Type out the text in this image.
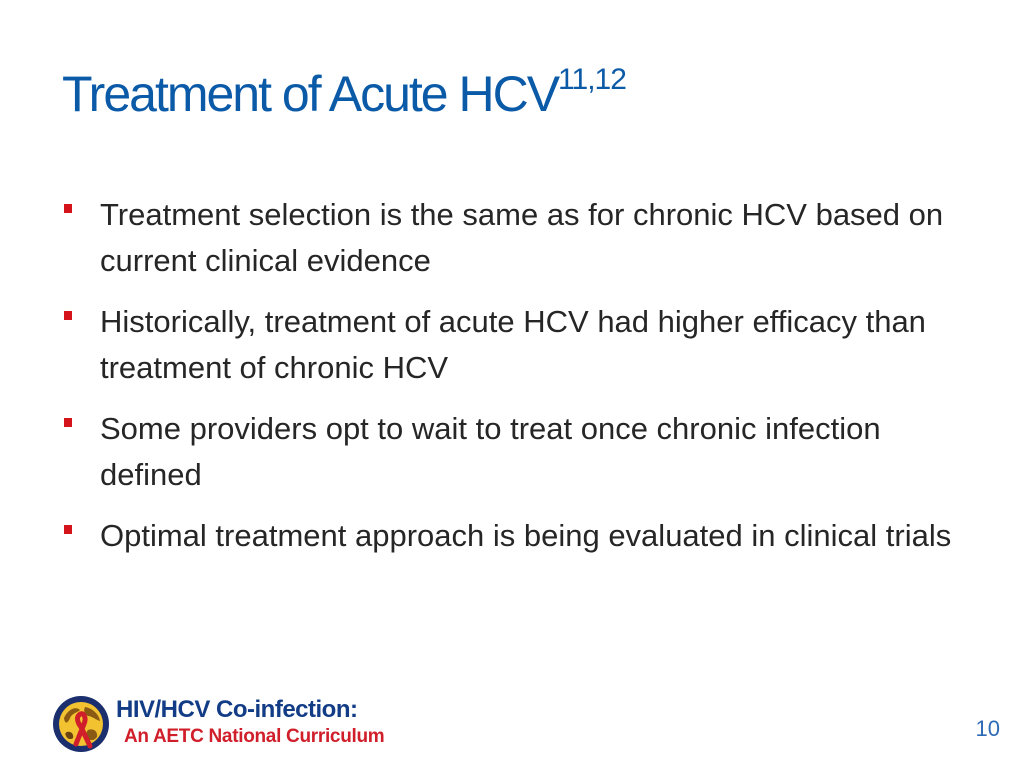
Treatment of Acute HCV$^{11,12}$
Treatment selection is the same as for chronic HCV based on current clinical evidence
Historically, treatment of acute HCV had higher efficacy than treatment of chronic HCV
Some providers opt to wait to treat once chronic infection defined
Optimal treatment approach is being evaluated in clinical trials
HIV/HCV Co-infection:
An AETC National Curriculum	10
